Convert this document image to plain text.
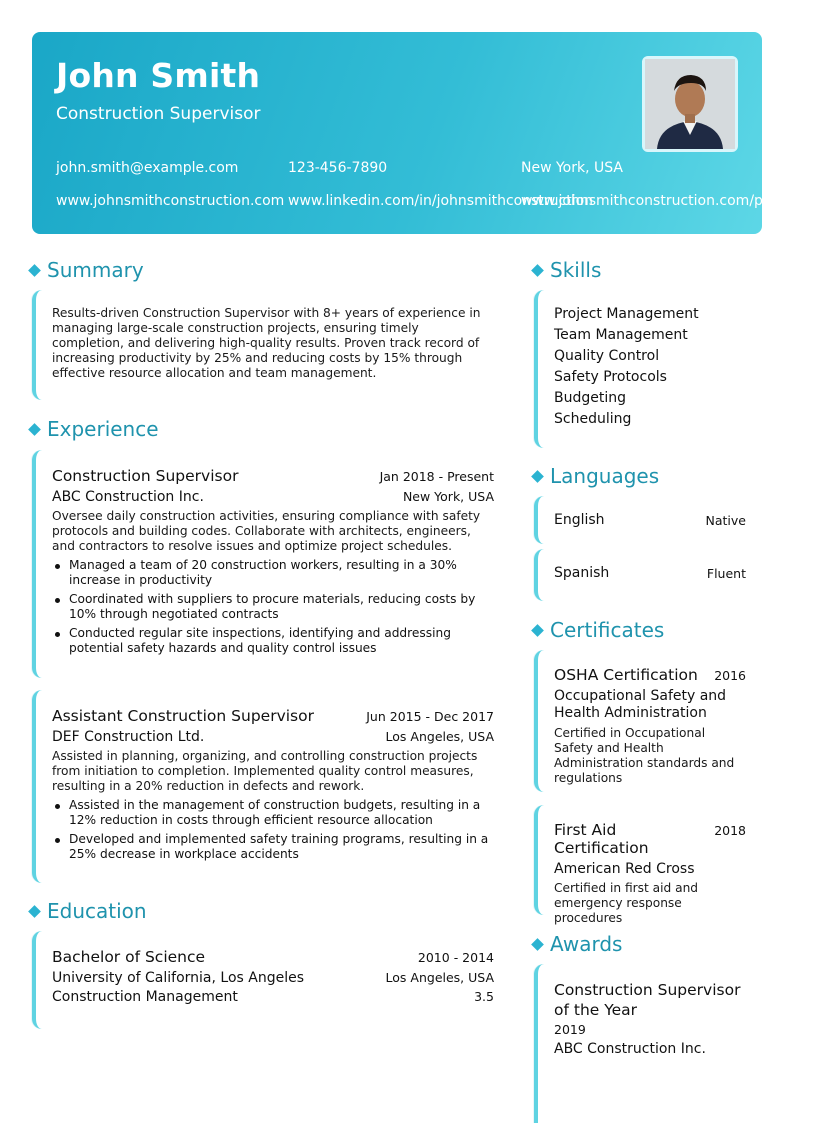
John Smith
Construction Supervisor
john.smith@example.com	123-456-7890	New York, USA
www.johnsmithconstruction.com www.linkedin.com/in/johnsmithconstruction
www.johnsmithconstruction.com/portfolio
Summary

Results-driven Construction Supervisor with 8+ years of experience in managing large-scale construction projects, ensuring timely completion, and delivering high-quality results. Proven track record of increasing productivity by 25% and reducing costs by 15% through effective resource allocation and team management.

Experience
Construction Supervisor	Jan 2018 - Present
ABC Construction Inc.	New York, USA

Oversee daily construction activities, ensuring compliance with safety protocols and building codes. Collaborate with architects, engineers, and contractors to resolve issues and optimize project schedules.

Managed a team of 20 construction workers, resulting in a 30% increase in productivity
Coordinated with suppliers to procure materials, reducing costs by 10% through negotiated contracts
Conducted regular site inspections, identifying and addressing potential safety hazards and quality control issues
Assistant Construction Supervisor	Jun 2015 - Dec 2017
DEF Construction Ltd.	Los Angeles, USA

Assisted in planning, organizing, and controlling construction projects from initiation to completion. Implemented quality control measures, resulting in a 20% reduction in defects and rework.

Assisted in the management of construction budgets, resulting in a 12% reduction in costs through efficient resource allocation
Developed and implemented safety training programs, resulting in a 25% decrease in workplace accidents
Education
Bachelor of Science	2010 - 2014
University of California, Los Angeles	Los Angeles, USA
Construction Management	3.5
Skills
Project Management
Team Management
Quality Control
Safety Protocols
Budgeting
Scheduling
Languages
English	Native
Spanish	Fluent
Certificates
OSHA Certification 2016
Occupational Safety and Health Administration

Certified in Occupational Safety and Health Administration standards and regulations

First Aid Certification
2018
American Red Cross

Certified in first aid and emergency response procedures

Awards
Construction Supervisor of the Year
2019
ABC Construction Inc.
